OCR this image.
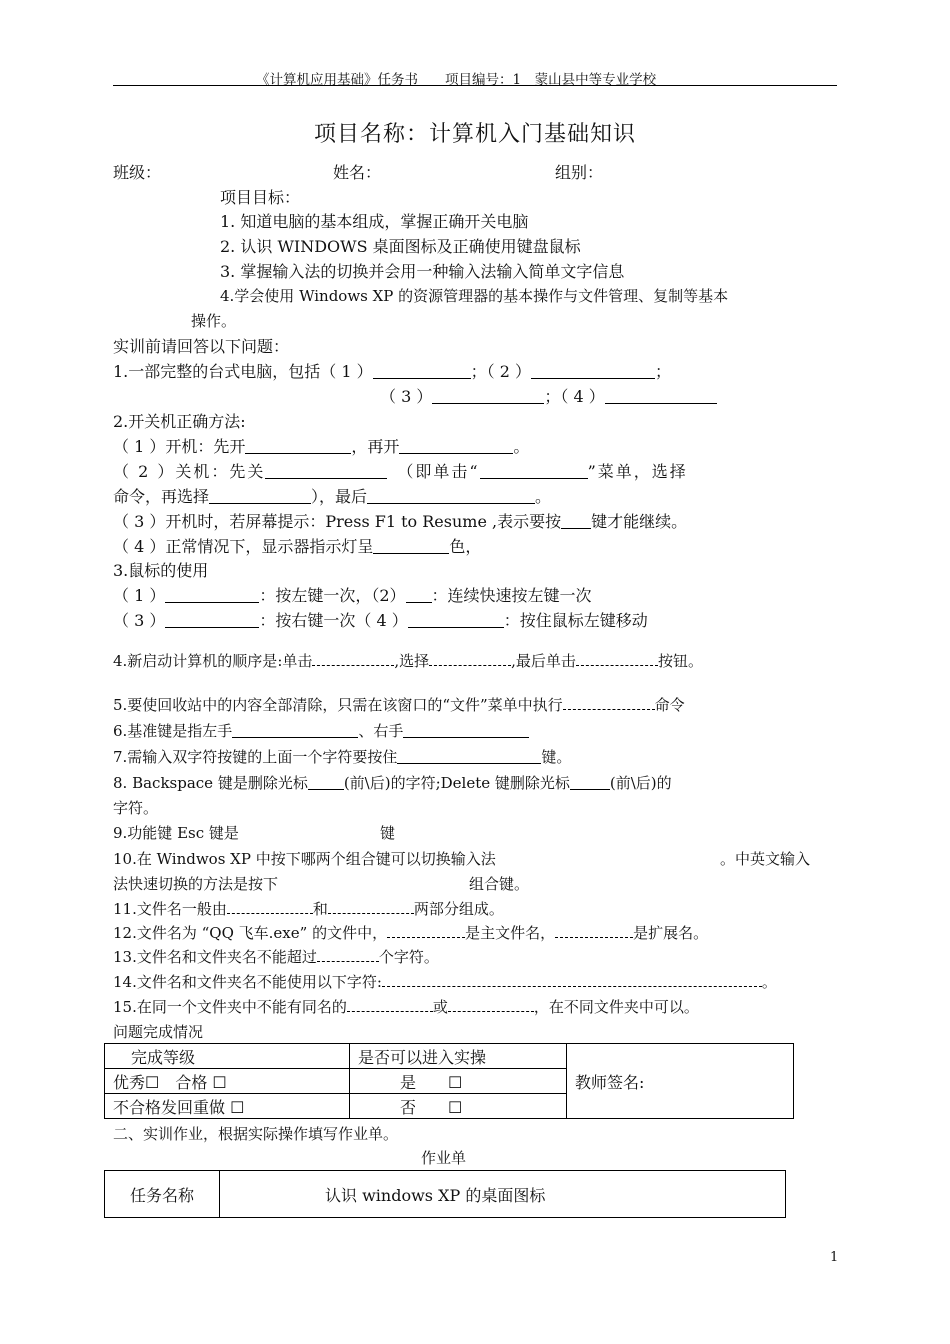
《计算机应用基础》任务书　　项目编号：1　蒙山县中等专业学校
项目名称：计算机入门基础知识
班级：	姓名：	组别：
项目目标：
1. 知道电脑的基本组成，掌握正确开关电脑
2. 认识 WINDOWS 桌面图标及正确使用键盘鼠标
3. 掌握输入法的切换并会用一种输入法输入简单文字信息
4.学会使用 Windows XP 的资源管理器的基本操作与文件管理、复制等基本
操作。
实训前请回答以下问题：
1.一部完整的台式电脑，包括（ 1 ）	；（ 2 ）	；
（ 3 ）	；（ 4 ）
2.开关机正确方法:
（ 1 ）开机：先开	，再开	。
（ 2 ）关机：先关　	（即单击“	”菜单，选择
命令，再选择	），最后	。
（ 3 ）开机时，若屏幕提示：Press F1 to Resume ,表示要按 键才能继续。
（ 4 ）正常情况下，显示器指示灯呈	色，
3.鼠标的使用
（ 1 ）	：按左键一次，（2） ：连续快速按左键一次
（ 3 ）	：按右键一次（ 4 ）	：按住鼠标左键移动
4.新启动计算机的顺序是:单击	,选择	,最后单击	按钮。
5.要使回收站中的内容全部清除，只需在该窗口的“文件”菜单中执行	命令
6.基准键是指左手	、右手
7.需输入双字符按键的上面一个字符要按住	键。
8. Backspace 键是删除光标 (前\后)的字符;Delete 键删除光标	(前\后)的
字符。
9.功能键 Esc 键是	键
10.在 Windwos XP 中按下哪两个组合键可以切换输入法	。中英文输入
法快速切换的方法是按下	组合键。
11.文件名一般由	和	两部分组成。
12.文件名为 “QQ 飞车.exe” 的文件中，	是主文件名，	是扩展名。
13.文件名和文件夹名不能超过	个字符。
14.文件名和文件夹名不能使用以下字符:	。
15.在同一个文件夹中不能有同名的	或	，在不同文件夹中可以。
问题完成情况
完成等级	是否可以进入实操	教师签名:
优秀☐　合格 ☐	是　　☐	
不合格发回重做 ☐	否　　☐	
二、实训作业，根据实际操作填写作业单。
作业单
任务名称	认识 windows XP 的桌面图标
1
